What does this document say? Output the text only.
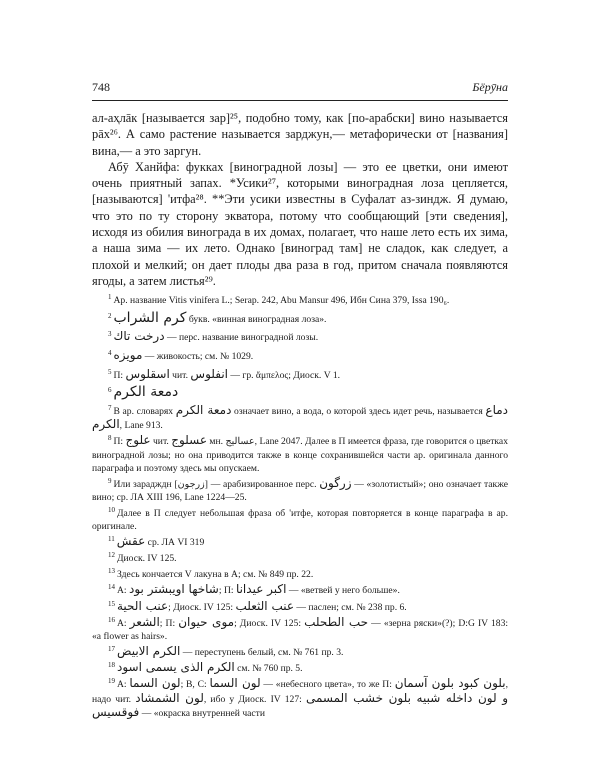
748	Бёрӯна

ал-аҳлāк [называется зар]²⁵, подобно тому, как [по-арабски] вино называется рāх²⁶. А само растение называется зарджун,— метафорически от [названия] вина,— а это заргун.

Абӯ Ханйфа: фукках [виноградной лозы] — это ее цветки, они имеют очень приятный запах. *Усики²⁷, которыми виноградная лоза цепляется, [называются] 'итфа²⁸. **Эти усики известны в Суфалат аз-зиндж. Я думаю, что это по ту сторону экватора, потому что сообщающий [эти сведения], исходя из обилия винограда в их домах, полагает, что наше лето есть их зима, а наша зима — их лето. Однако [виноград там] не сладок, как следует, а плохой и мелкий; он дает плоды два раза в год, притом сначала появляются ягоды, а затем листья²⁹.

$^1$ Ар. название Vitis vinifera L.; Serap. 242, Abu Mansur 496, Ибн Сина 379, Issa 190₆.

$^2$ كرم الشراب букв. «винная виноградная лоза».

$^3$ درخت تاك — перс. название виноградной лозы.

$^4$ مويزه — живокость; см. № 1029.

$^5$ П: اسقلوس чит. انفلوس — гр. ἄμπελος; Диоск. V 1.

$^6$ دمعة الكرم

$^7$ В ар. словарях دمعة الكرم означает вино, а вода, о которой здесь идет речь, называется دماع الكرم, Lane 913.

$^8$ П: علوج чит. عسلوج мн. عساليج, Lane 2047. Далее в П имеется фраза, где говорится о цветках виноградной лозы; но она приводится также в конце сохранившейся части ар. оригинала данного параграфа и поэтому здесь мы опускаем.

$^9$ Или зарадждн [زرجون] — арабизированное перс. زرگون — «золотистый»; оно означает также вино; ср. ЛА XIII 196, Lane 1224—25.

$^{10}$ Далее в П следует небольшая фраза об 'итфе, которая повторяется в конце параграфа в ар. оригинале.

$^{11}$ عقش ср. ЛА VI 319

$^{12}$ Диоск. IV 125.

$^{13}$ Здесь кончается V лакуна в А; см. № 849 пр. 22.

$^{14}$ А: شاخها اويبشتر بود; П: اكبر عيدانا — «ветвей у него больше».

$^{15}$ عنب الحية; Диоск. IV 125: عنب الثعلب — паслен; см. № 238 пр. 6.

$^{16}$ А: الشعر; П: موى حيوان; Диоск. IV 125: حب الطحلب — «зерна ряски»(?); D:G IV 183: «a flower as hairs».

$^{17}$ الكرم الابيض — переступень белый, см. № 761 пр. 3.

$^{18}$ الكرم الذى يسمى اسود см. № 760 пр. 5.

$^{19}$ А: لون السما; B, C: لون السما — «небесного цвета», то же П: بلون كبود بلون آسمان, надо чит. لون الشمشاد, ибо у Диоск. IV 127: و لون داخله شبيه بلون خشب المسمى فوقسيس — «окраска внутренней части
